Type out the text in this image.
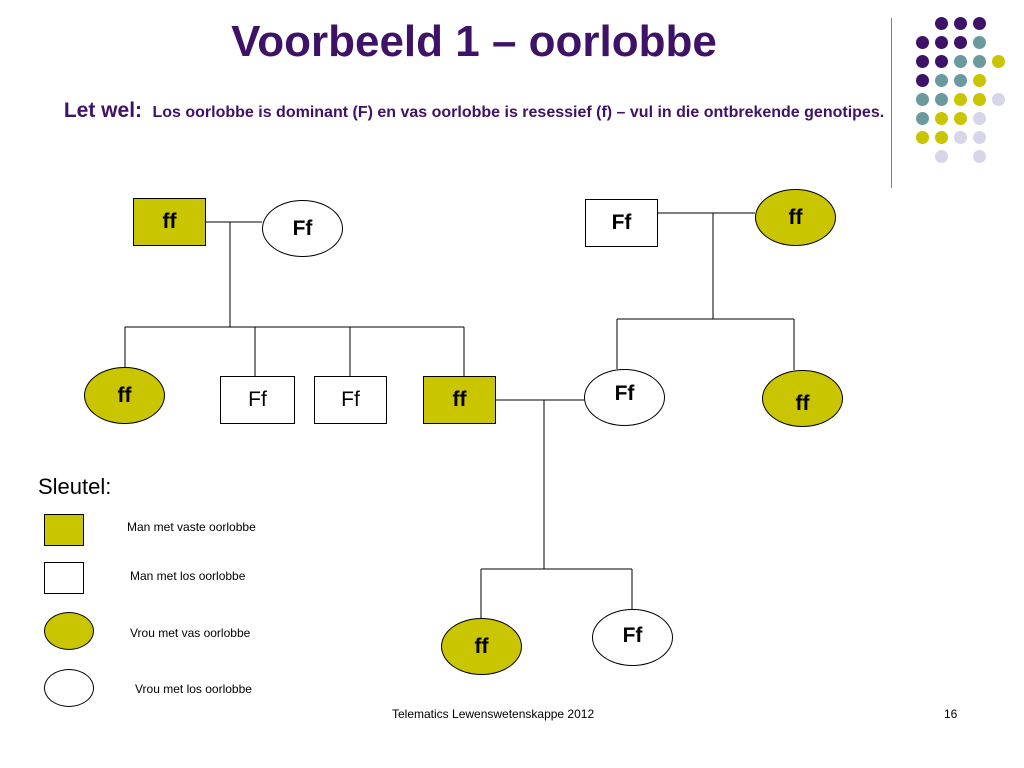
Voorbeeld 1 – oorlobbe
Let wel: Los oorlobbe is dominant (F) en vas oorlobbe is resessief (f) – vul in die ontbrekende genotipes.
ff	Ff	Ff	ff
ff	Ff	Ff	ff	Ff	ff
ff	Ff
Sleutel:
Man met vaste oorlobbe
Man met los oorlobbe
Vrou met vas oorlobbe
Vrou met los oorlobbe
Telematics Lewenswetenskappe 2012	16
